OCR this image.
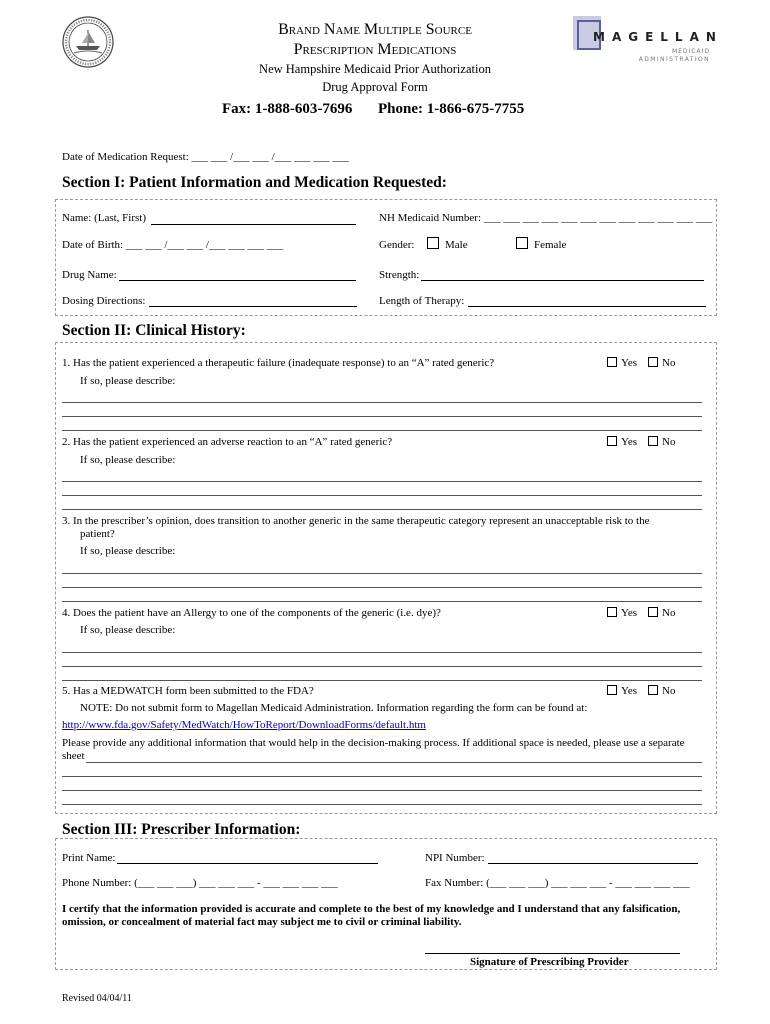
Brand Name Multiple Source
Prescription Medications
New Hampshire Medicaid Prior Authorization
Drug Approval Form
MAGELLAN
MEDICAID
ADMINISTRATION
Fax: 1-888-603-7696 Phone: 1-866-675-7755
Date of Medication Request: ___ ___ /___ ___ /___ ___ ___ ___
Section I: Patient Information and Medication Requested:
Name: (Last, First)	NH Medicaid Number: ___ ___ ___ ___ ___ ___ ___ ___ ___ ___ ___ ___
Date of Birth: ___ ___ /___ ___ /___ ___ ___ ___	Gender:	Male	Female
Drug Name:	Strength:
Dosing Directions:	Length of Therapy:
Section II: Clinical History:
1. Has the patient experienced a therapeutic failure (inadequate response) to an “A” rated generic?	Yes	No
If so, please describe:
2. Has the patient experienced an adverse reaction to an “A” rated generic?	Yes	No
If so, please describe:
3. In the prescriber’s opinion, does transition to another generic in the same therapeutic category represent an unacceptable risk to the
patient?
If so, please describe:
4. Does the patient have an Allergy to one of the components of the generic (i.e. dye)?	Yes	No
If so, please describe:
5. Has a MEDWATCH form been submitted to the FDA?	Yes	No
NOTE: Do not submit form to Magellan Medicaid Administration. Information regarding the form can be found at:
http://www.fda.gov/Safety/MedWatch/HowToReport/DownloadForms/default.htm
Please provide any additional information that would help in the decision-making process. If additional space is needed, please use a separate
sheet
Section III: Prescriber Information:
Print Name:	NPI Number:
Phone Number: (___ ___ ___) ___ ___ ___ - ___ ___ ___ ___	Fax Number: (___ ___ ___) ___ ___ ___ - ___ ___ ___ ___
I certify that the information provided is accurate and complete to the best of my knowledge and I understand that any falsification,
omission, or concealment of material fact may subject me to civil or criminal liability.
Signature of Prescribing Provider
Revised 04/04/11
